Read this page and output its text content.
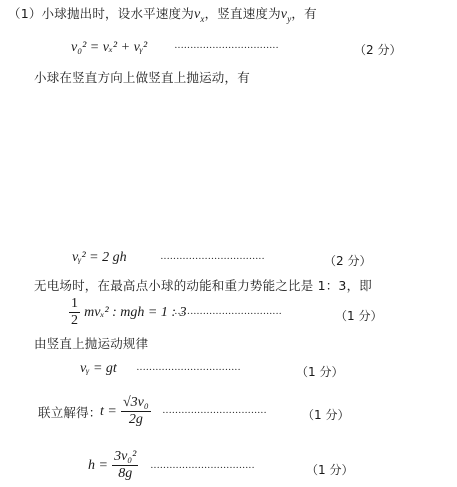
（1）小球抛出时，设水平速度为$v_x$，竖直速度为$v_y$，有
v₀² = vₓ² + vᵧ² ·································	（2 分）
小球在竖直方向上做竖直上抛运动，有
vᵧ² = 2 gh	·································	（2 分）
无电场时，在最高点小球的动能和重力势能之比是 1：3，即
$\frac{1}{2} mv_x^2$ : mgh = 1 : 3
··································	（1 分）
由竖直上抛运动规律
vᵧ = gt ·································	（1 分）
联立解得：
$t = \frac{\text{√3v₀}}{2g}$ ·································	（1 分）
$h = \frac{\text{3v₀²}}{8g}$ ·································	（1 分）
